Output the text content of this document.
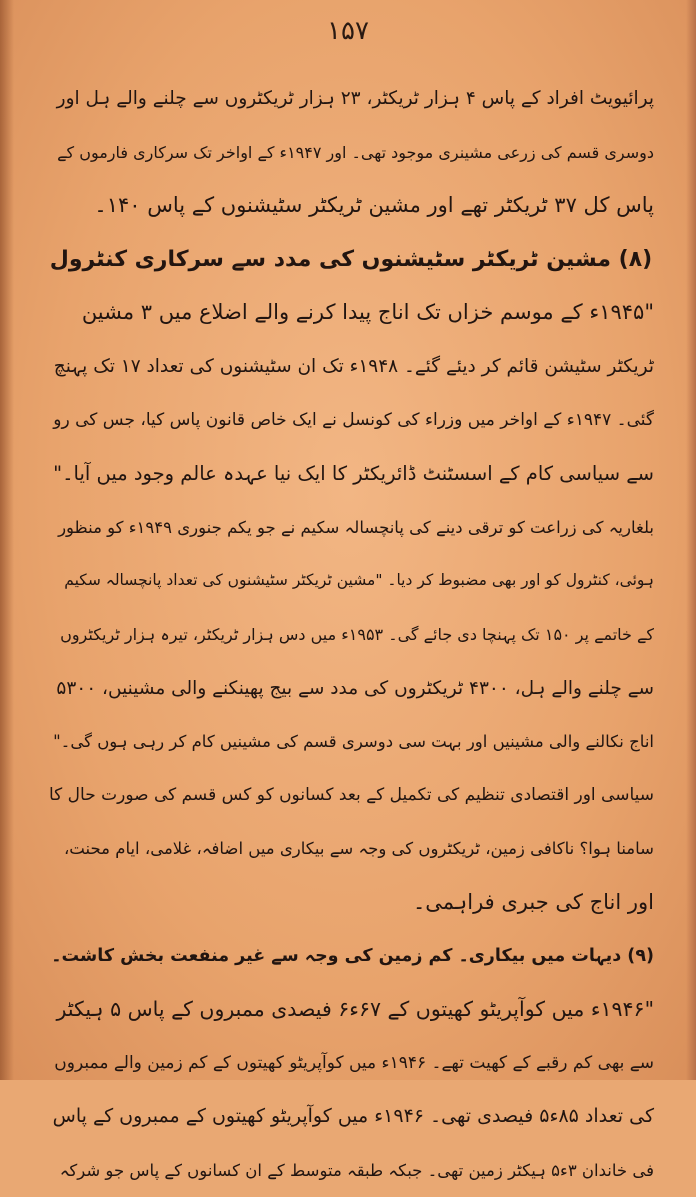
۱۵۷
پرائیویٹ افراد کے پاس ۴ ہزار ٹریکٹر، ۲۳ ہزار ٹریکٹروں سے چلنے والے ہل اور
دوسری قسم کی زرعی مشینری موجود تھی۔ اور ۱۹۴۷ء کے اواخر تک سرکاری فارموں کے
پاس کل ۳۷ ٹریکٹر تھے اور مشین ٹریکٹر سٹیشنوں کے پاس ۱۴۰۔
(۸) مشین ٹریکٹر سٹیشنوں کی مدد سے سرکاری کنٹرول
"۱۹۴۵ء کے موسم خزاں تک اناج پیدا کرنے والے اضلاع میں ۳ مشین
ٹریکٹر سٹیشن قائم کر دیئے گئے۔ ۱۹۴۸ء تک ان سٹیشنوں کی تعداد ۱۷ تک پہنچ
گئی۔ ۱۹۴۷ء کے اواخر میں وزراء کی کونسل نے ایک خاص قانون پاس کیا، جس کی رو
سے سیاسی کام کے اسسٹنٹ ڈائریکٹر کا ایک نیا عہدہ عالم وجود میں آیا۔"
بلغاریہ کی زراعت کو ترقی دینے کی پانچسالہ سکیم نے جو یکم جنوری ۱۹۴۹ء کو منظور
ہوئی، کنٹرول کو اور بھی مضبوط کر دیا۔ "مشین ٹریکٹر سٹیشنوں کی تعداد پانچسالہ سکیم
کے خاتمے پر ۱۵۰ تک پہنچا دی جائے گی۔ ۱۹۵۳ء میں دس ہزار ٹریکٹر، تیرہ ہزار ٹریکٹروں
سے چلنے والے ہل، ۴۳۰۰ ٹریکٹروں کی مدد سے بیج پھینکنے والی مشینیں، ۵۳۰۰
اناج نکالنے والی مشینیں اور بہت سی دوسری قسم کی مشینیں کام کر رہی ہوں گی۔"
سیاسی اور اقتصادی تنظیم کی تکمیل کے بعد کسانوں کو کس قسم کی صورت حال کا
سامنا ہوا؟ ناکافی زمین، ٹریکٹروں کی وجہ سے بیکاری میں اضافہ، غلامی، ایام محنت،
اور اناج کی جبری فراہمی۔
(۹) دیہات میں بیکاری۔ کم زمین کی وجہ سے غیر منفعت بخش کاشت۔
"۱۹۴۶ء میں کوآپریٹو کھیتوں کے ۶۷ء۶ فیصدی ممبروں کے پاس ۵ ہیکٹر
سے بھی کم رقبے کے کھیت تھے۔ ۱۹۴۶ء میں کوآپریٹو کھیتوں کے کم زمین والے ممبروں
کی تعداد ۸۵ء۵ فیصدی تھی۔ ۱۹۴۶ء میں کوآپریٹو کھیتوں کے ممبروں کے پاس
فی خاندان ۳ء۵ ہیکٹر زمین تھی۔ جبکہ طبقہ متوسط کے ان کسانوں کے پاس جو شرکہ
